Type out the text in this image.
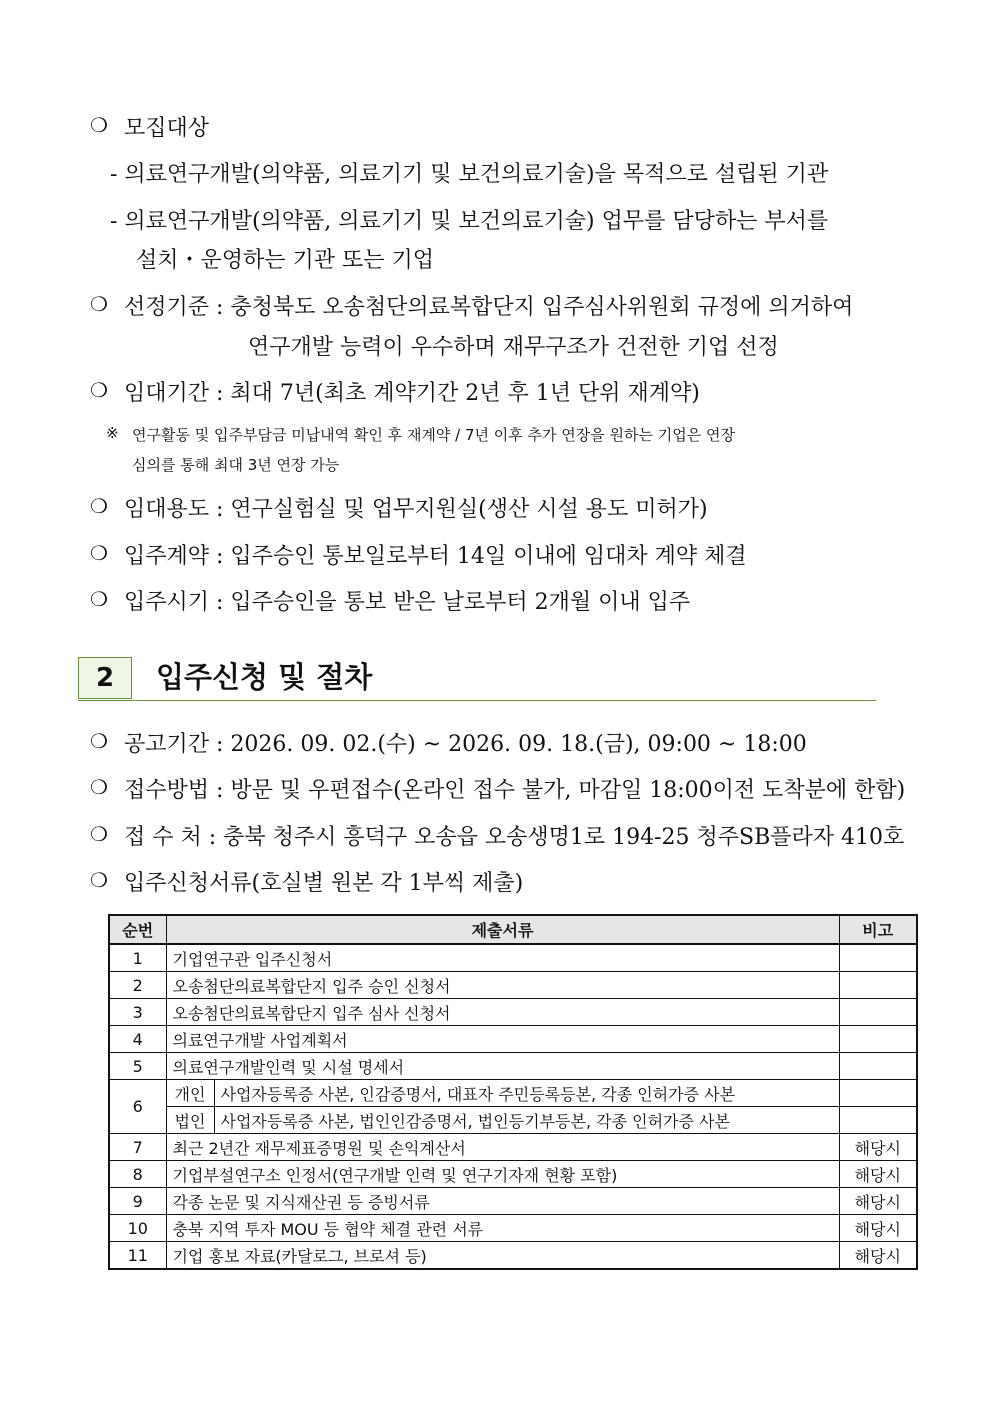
❍ 모집대상
- 의료연구개발(의약품, 의료기기 및 보건의료기술)을 목적으로 설립된 기관
- 의료연구개발(의약품, 의료기기 및 보건의료기술) 업무를 담당하는 부서를
설치・운영하는 기관 또는 기업
❍ 선정기준 : 충청북도 오송첨단의료복합단지 입주심사위원회 규정에 의거하여
연구개발 능력이 우수하며 재무구조가 건전한 기업 선정
❍ 임대기간 : 최대 7년(최초 계약기간 2년 후 1년 단위 재계약)
※ 연구활동 및 입주부담금 미납내역 확인 후 재계약 / 7년 이후 추가 연장을 원하는 기업은 연장
심의를 통해 최대 3년 연장 가능
❍ 임대용도 : 연구실험실 및 업무지원실(생산 시설 용도 미허가)
❍ 입주계약 : 입주승인 통보일로부터 14일 이내에 임대차 계약 체결
❍ 입주시기 : 입주승인을 통보 받은 날로부터 2개월 이내 입주
2	입주신청 및 절차
❍ 공고기간 : 2026. 09. 02.(수) ~ 2026. 09. 18.(금), 09:00 ~ 18:00
❍ 접수방법 : 방문 및 우편접수(온라인 접수 불가, 마감일 18:00이전 도착분에 한함)
❍ 접 수 처 : 충북 청주시 흥덕구 오송읍 오송생명1로 194-25 청주SB플라자 410호
❍ 입주신청서류(호실별 원본 각 1부씩 제출)
순번	제출서류		비고
1	기업연구관 입주신청서		
2	오송첨단의료복합단지 입주 승인 신청서		
3	오송첨단의료복합단지 입주 심사 신청서		
4	의료연구개발 사업계획서		
5	의료연구개발인력 및 시설 명세서		
6	개인	사업자등록증 사본, 인감증명서, 대표자 주민등록등본, 각종 인허가증 사본	
	법인	사업자등록증 사본, 법인인감증명서, 법인등기부등본, 각종 인허가증 사본	
7	최근 2년간 재무제표증명원 및 손익계산서		해당시
8	기업부설연구소 인정서(연구개발 인력 및 연구기자재 현황 포함)		해당시
9	각종 논문 및 지식재산권 등 증빙서류		해당시
10	충북 지역 투자 MOU 등 협약 체결 관련 서류		해당시
11	기업 홍보 자료(카달로그, 브로셔 등)		해당시
